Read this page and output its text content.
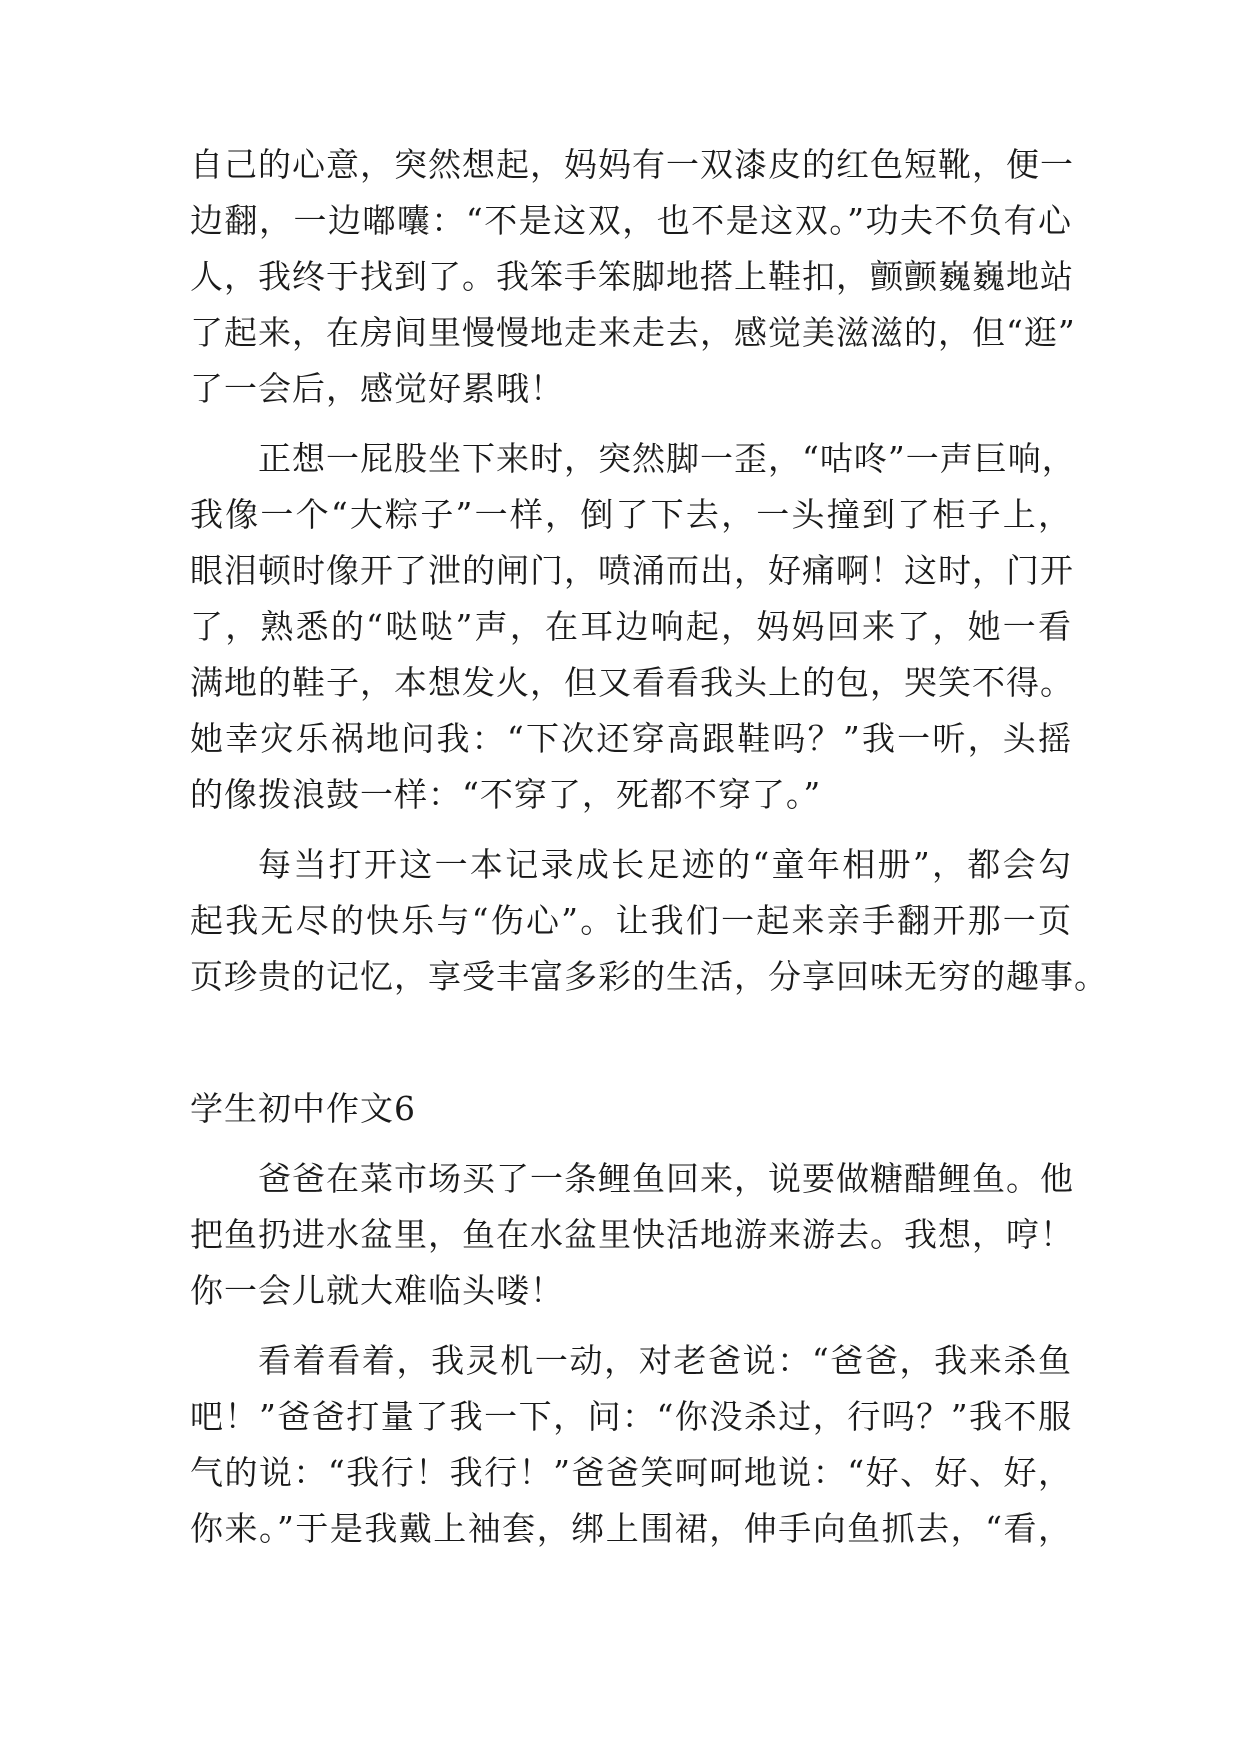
自己的心意，突然想起，妈妈有一双漆皮的红色短靴，便一
边翻，一边嘟囔：“不是这双，也不是这双。”功夫不负有心
人，我终于找到了。我笨手笨脚地搭上鞋扣，颤颤巍巍地站
了起来，在房间里慢慢地走来走去，感觉美滋滋的，但“逛”
了一会后，感觉好累哦！
正想一屁股坐下来时，突然脚一歪，“咕咚”一声巨响，
我像一个“大粽子”一样，倒了下去，一头撞到了柜子上，
眼泪顿时像开了泄的闸门，喷涌而出，好痛啊！这时，门开
了，熟悉的“哒哒”声，在耳边响起，妈妈回来了，她一看
满地的鞋子，本想发火，但又看看我头上的包，哭笑不得。
她幸灾乐祸地问我：“下次还穿高跟鞋吗？”我一听，头摇
的像拨浪鼓一样：“不穿了，死都不穿了。”
每当打开这一本记录成长足迹的“童年相册”，都会勾
起我无尽的快乐与“伤心”。让我们一起来亲手翻开那一页
页珍贵的记忆，享受丰富多彩的生活，分享回味无穷的趣事。
学生初中作文6
爸爸在菜市场买了一条鲤鱼回来，说要做糖醋鲤鱼。他
把鱼扔进水盆里，鱼在水盆里快活地游来游去。我想，哼！
你一会儿就大难临头喽！
看着看着，我灵机一动，对老爸说：“爸爸，我来杀鱼
吧！”爸爸打量了我一下，问：“你没杀过，行吗？”我不服
气的说：“我行！我行！”爸爸笑呵呵地说：“好、好、好，
你来。”于是我戴上袖套，绑上围裙，伸手向鱼抓去，“看，
